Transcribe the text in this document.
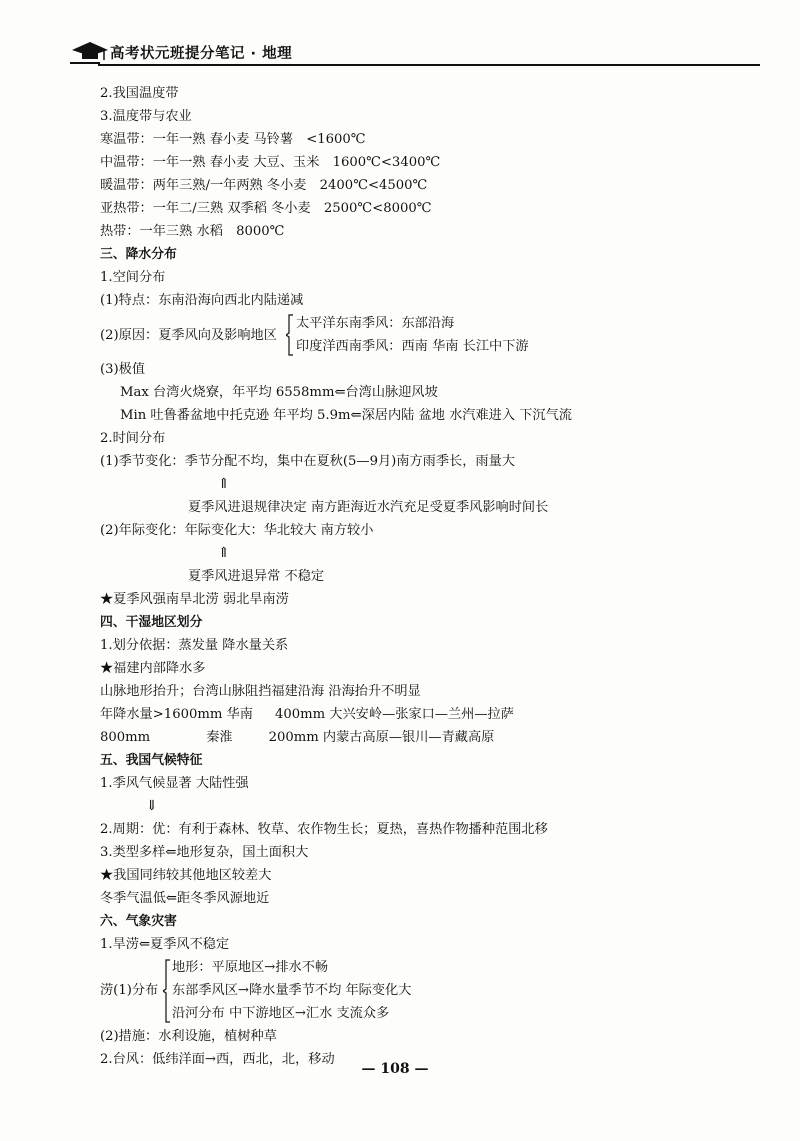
高考状元班提分笔记 · 地理
2.我国温度带
3.温度带与农业
寒温带：一年一熟 春小麦 马铃薯　<1600℃
中温带：一年一熟 春小麦 大豆、玉米　1600℃<3400℃
暖温带：两年三熟/一年两熟 冬小麦　2400℃<4500℃
亚热带：一年二/三熟 双季稻 冬小麦　2500℃<8000℃
热带：一年三熟 水稻　8000℃
三、降水分布
1.空间分布
(1)特点：东南沿海向西北内陆递减
(2)原因：夏季风向及影响地区
太平洋东南季风：东部沿海
印度洋西南季风：西南 华南 长江中下游
(3)极值
Max 台湾火烧寮，年平均 6558mm⇐台湾山脉迎风坡
Min 吐鲁番盆地中托克逊 年平均 5.9m⇐深居内陆 盆地 水汽难进入 下沉气流
2.时间分布
(1)季节变化：季节分配不均，集中在夏秋(5—9月)南方雨季长，雨量大
⇑
夏季风进退规律决定 南方距海近水汽充足受夏季风影响时间长
(2)年际变化：年际变化大：华北较大 南方较小
⇑
夏季风进退异常 不稳定
★夏季风强南旱北涝 弱北旱南涝
四、干湿地区划分
1.划分依据：蒸发量 降水量关系
★福建内部降水多
山脉地形抬升；台湾山脉阻挡福建沿海 沿海抬升不明显
年降水量>1600mm 华南 400mm 大兴安岭—张家口—兰州—拉萨
800mm	秦淮	200mm 内蒙古高原—银川—青藏高原
五、我国气候特征
1.季风气候显著 大陆性强
⇓
2.周期：优：有利于森林、牧草、农作物生长；夏热，喜热作物播种范围北移
3.类型多样⇐地形复杂，国土面积大
★我国同纬较其他地区较差大
冬季气温低⇐距冬季风源地近
六、气象灾害
1.旱涝⇐夏季风不稳定
涝(1)分布
地形：平原地区→排水不畅
东部季风区→降水量季节不均 年际变化大
沿河分布 中下游地区→汇水 支流众多
(2)措施：水利设施，植树种草
2.台风：低纬洋面→西，西北，北，移动
— 108 —
